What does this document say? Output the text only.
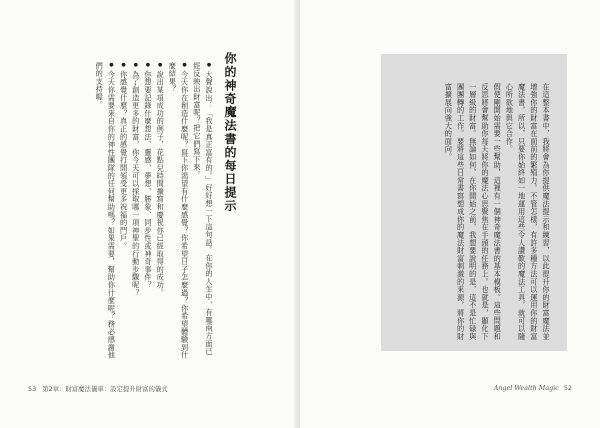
你的神奇魔法書的每日提示
●大聲說出：「我是真正富有的。」好好想一下這句話。在你的人生中，有哪兩方面已經反映出財富呢？把它們寫下來。
●今天你在創造什麼呢？寫下你渴望有什麼感覺？你希望日子怎麼過？你希望體驗到什麼結果？
●說出某項成功的例子，花點兒時間擴寫和慶祝你已經取得的成功。
●你想要記錄什麼想法、靈感、夢想、勝象、同步性或神奇事件？
●為了創造更多的財富，你今天可以採取哪一項神聖的行動步驟呢？
●你感覺什麼？真正的感覺打開領受更多祝福的門戶。
●今天你需要來自你的神性團隊的任何幫助嗎？如果需要，幫助你什麼呢？務必感謝他們的支持喔。
53 第2章：財富魔法儀車：設定提升財富的儀式
在這整本書中，我將會為你提供魔法提示和練習，以此提升你的財富魔法並增強你的財富在面前的繁殖力。不管怎樣，有許多種方法可以運用你的財富魔法書，所以，只要你始終如一地運用這些令人讚歎的魔法工具，就可以隨心所欲地與它合作。
假使剛開始需要一些幫助，這裡有一個神奇魔法書的基本模板。這些問題和反思將會幫助你每天將你的魔法心思聚焦在手頭的任務上。也就是，顯化下一層級的財富。無論如何，在你開始之前，我想要說明的是，這不是忙碌與團團轉的工作。要將這些日常書寫想成你的魔法財富刺激的來源，將你的財富擴展向強大的面向。
Angel Wealth Magic 52
